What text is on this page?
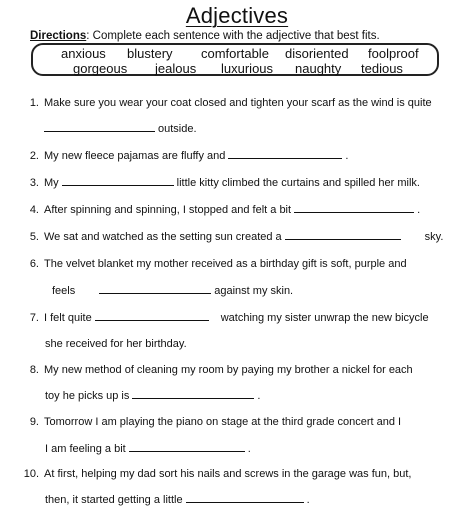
Adjectives
Directions: Complete each sentence with the adjective that best fits.
anxious blustery comfortable disoriented foolproof
gorgeous jealous luxurious naughty tedious
1. Make sure you wear your coat closed and tighten your scarf as the wind is quite
outside.
2. My new fleece pajamas are fluffy and	.
3. My	little kitty climbed the curtains and spilled her milk.
4. After spinning and spinning, I stopped and felt a bit	.
5. We sat and watched as the setting sun created a	sky.
6. The velvet blanket my mother received as a birthday gift is soft, purple and
feels	against my skin.
7. I felt quite	watching my sister unwrap the new bicycle
she received for her birthday.
8. My new method of cleaning my room by paying my brother a nickel for each
toy he picks up is	.
9. Tomorrow I am playing the piano on stage at the third grade concert and I
I am feeling a bit	.
10. At first, helping my dad sort his nails and screws in the garage was fun, but,
then, it started getting a little	.
